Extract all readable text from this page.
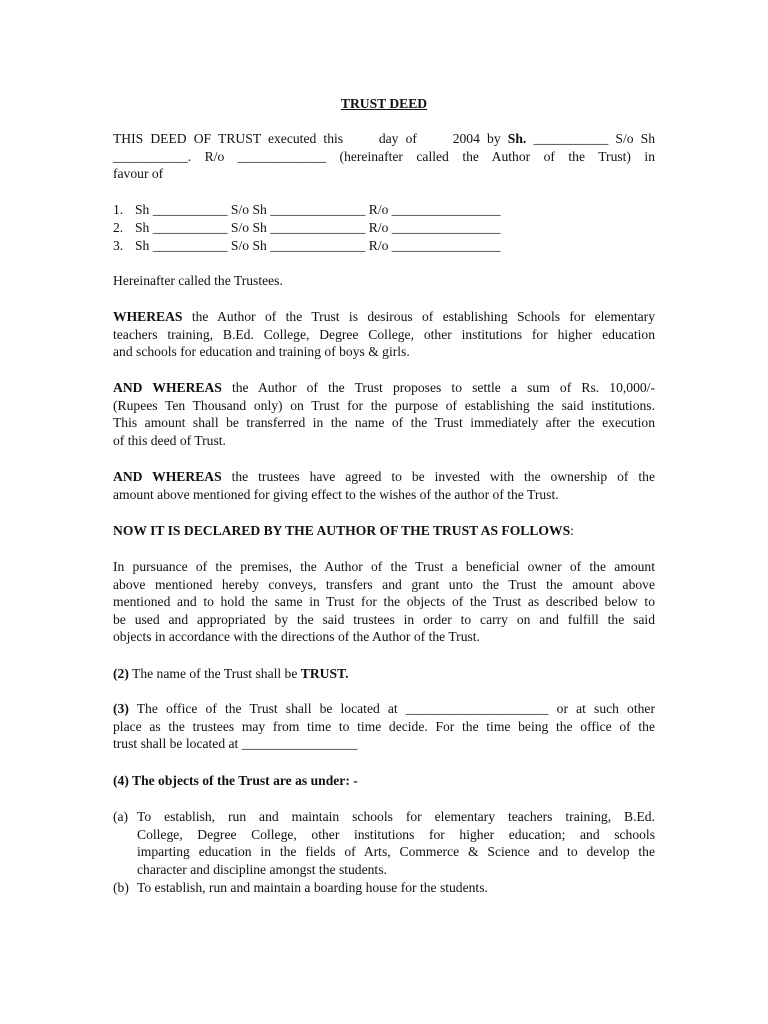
TRUST DEED
THIS DEED OF TRUST executed this	day of	2004 by Sh. ___________ S/o Sh
___________. R/o _____________ (hereinafter called the Author of the Trust) in
favour of
1. Sh ___________ S/o Sh ______________ R/o ________________
2. Sh ___________ S/o Sh ______________ R/o ________________
3. Sh ___________ S/o Sh ______________ R/o ________________
Hereinafter called the Trustees.
WHEREAS the Author of the Trust is desirous of establishing Schools for elementary
teachers training, B.Ed. College, Degree College, other institutions for higher education
and schools for education and training of boys & girls.
AND WHEREAS the Author of the Trust proposes to settle a sum of Rs. 10,000/-
(Rupees Ten Thousand only) on Trust for the purpose of establishing the said institutions.
This amount shall be transferred in the name of the Trust immediately after the execution
of this deed of Trust.
AND WHEREAS the trustees have agreed to be invested with the ownership of the
amount above mentioned for giving effect to the wishes of the author of the Trust.
NOW IT IS DECLARED BY THE AUTHOR OF THE TRUST AS FOLLOWS:
In pursuance of the premises, the Author of the Trust a beneficial owner of the amount
above mentioned hereby conveys, transfers and grant unto the Trust the amount above
mentioned and to hold the same in Trust for the objects of the Trust as described below to
be used and appropriated by the said trustees in order to carry on and fulfill the said
objects in accordance with the directions of the Author of the Trust.
(2) The name of the Trust shall be TRUST.
(3) The office of the Trust shall be located at _____________________ or at such other
place as the trustees may from time to time decide. For the time being the office of the
trust shall be located at _________________
(4) The objects of the Trust are as under: -
(a) To establish, run and maintain schools for elementary teachers training, B.Ed.
College, Degree College, other institutions for higher education; and schools
imparting education in the fields of Arts, Commerce & Science and to develop the
character and discipline amongst the students.
(b) To establish, run and maintain a boarding house for the students.
